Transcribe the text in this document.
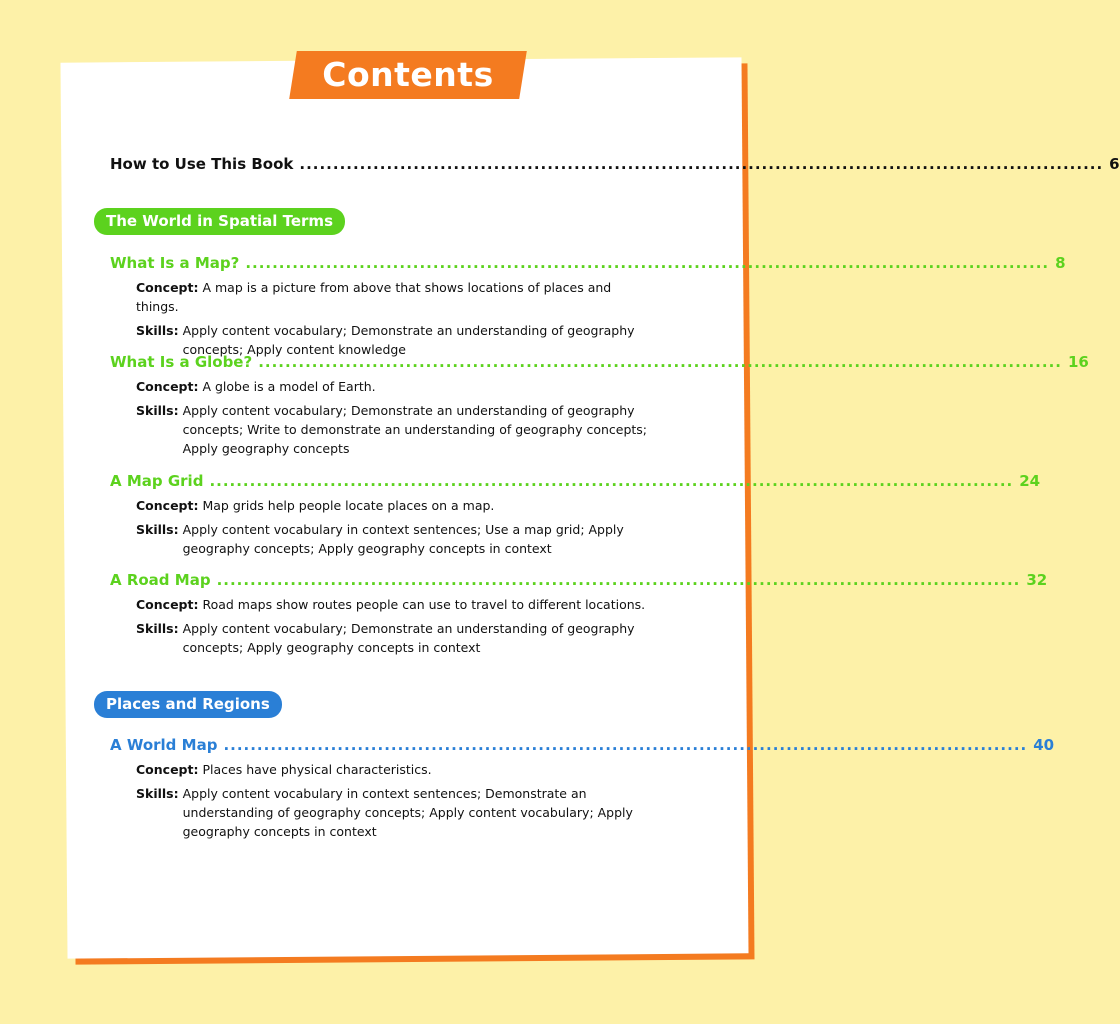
Contents
How to Use This Book ........................................................................................................................ 6
The World in Spatial Terms
What Is a Map? ........................................................................................................................ 8
Concept: A map is a picture from above that shows locations of places and things.
Skills: Apply content vocabulary; Demonstrate an understanding of geography concepts; Apply content knowledge
What Is a Globe? ........................................................................................................................ 16
Concept: A globe is a model of Earth.
Skills: Apply content vocabulary; Demonstrate an understanding of geography concepts; Write to demonstrate an understanding of geography concepts; Apply geography concepts
A Map Grid ........................................................................................................................ 24
Concept: Map grids help people locate places on a map.
Skills: Apply content vocabulary in context sentences; Use a map grid; Apply geography concepts; Apply geography concepts in context
A Road Map ........................................................................................................................ 32
Concept: Road maps show routes people can use to travel to different locations.
Skills: Apply content vocabulary; Demonstrate an understanding of geography concepts; Apply geography concepts in context
Places and Regions
A World Map ........................................................................................................................ 40
Concept: Places have physical characteristics.
Skills: Apply content vocabulary in context sentences; Demonstrate an understanding of geography concepts; Apply content vocabulary; Apply geography concepts in context
